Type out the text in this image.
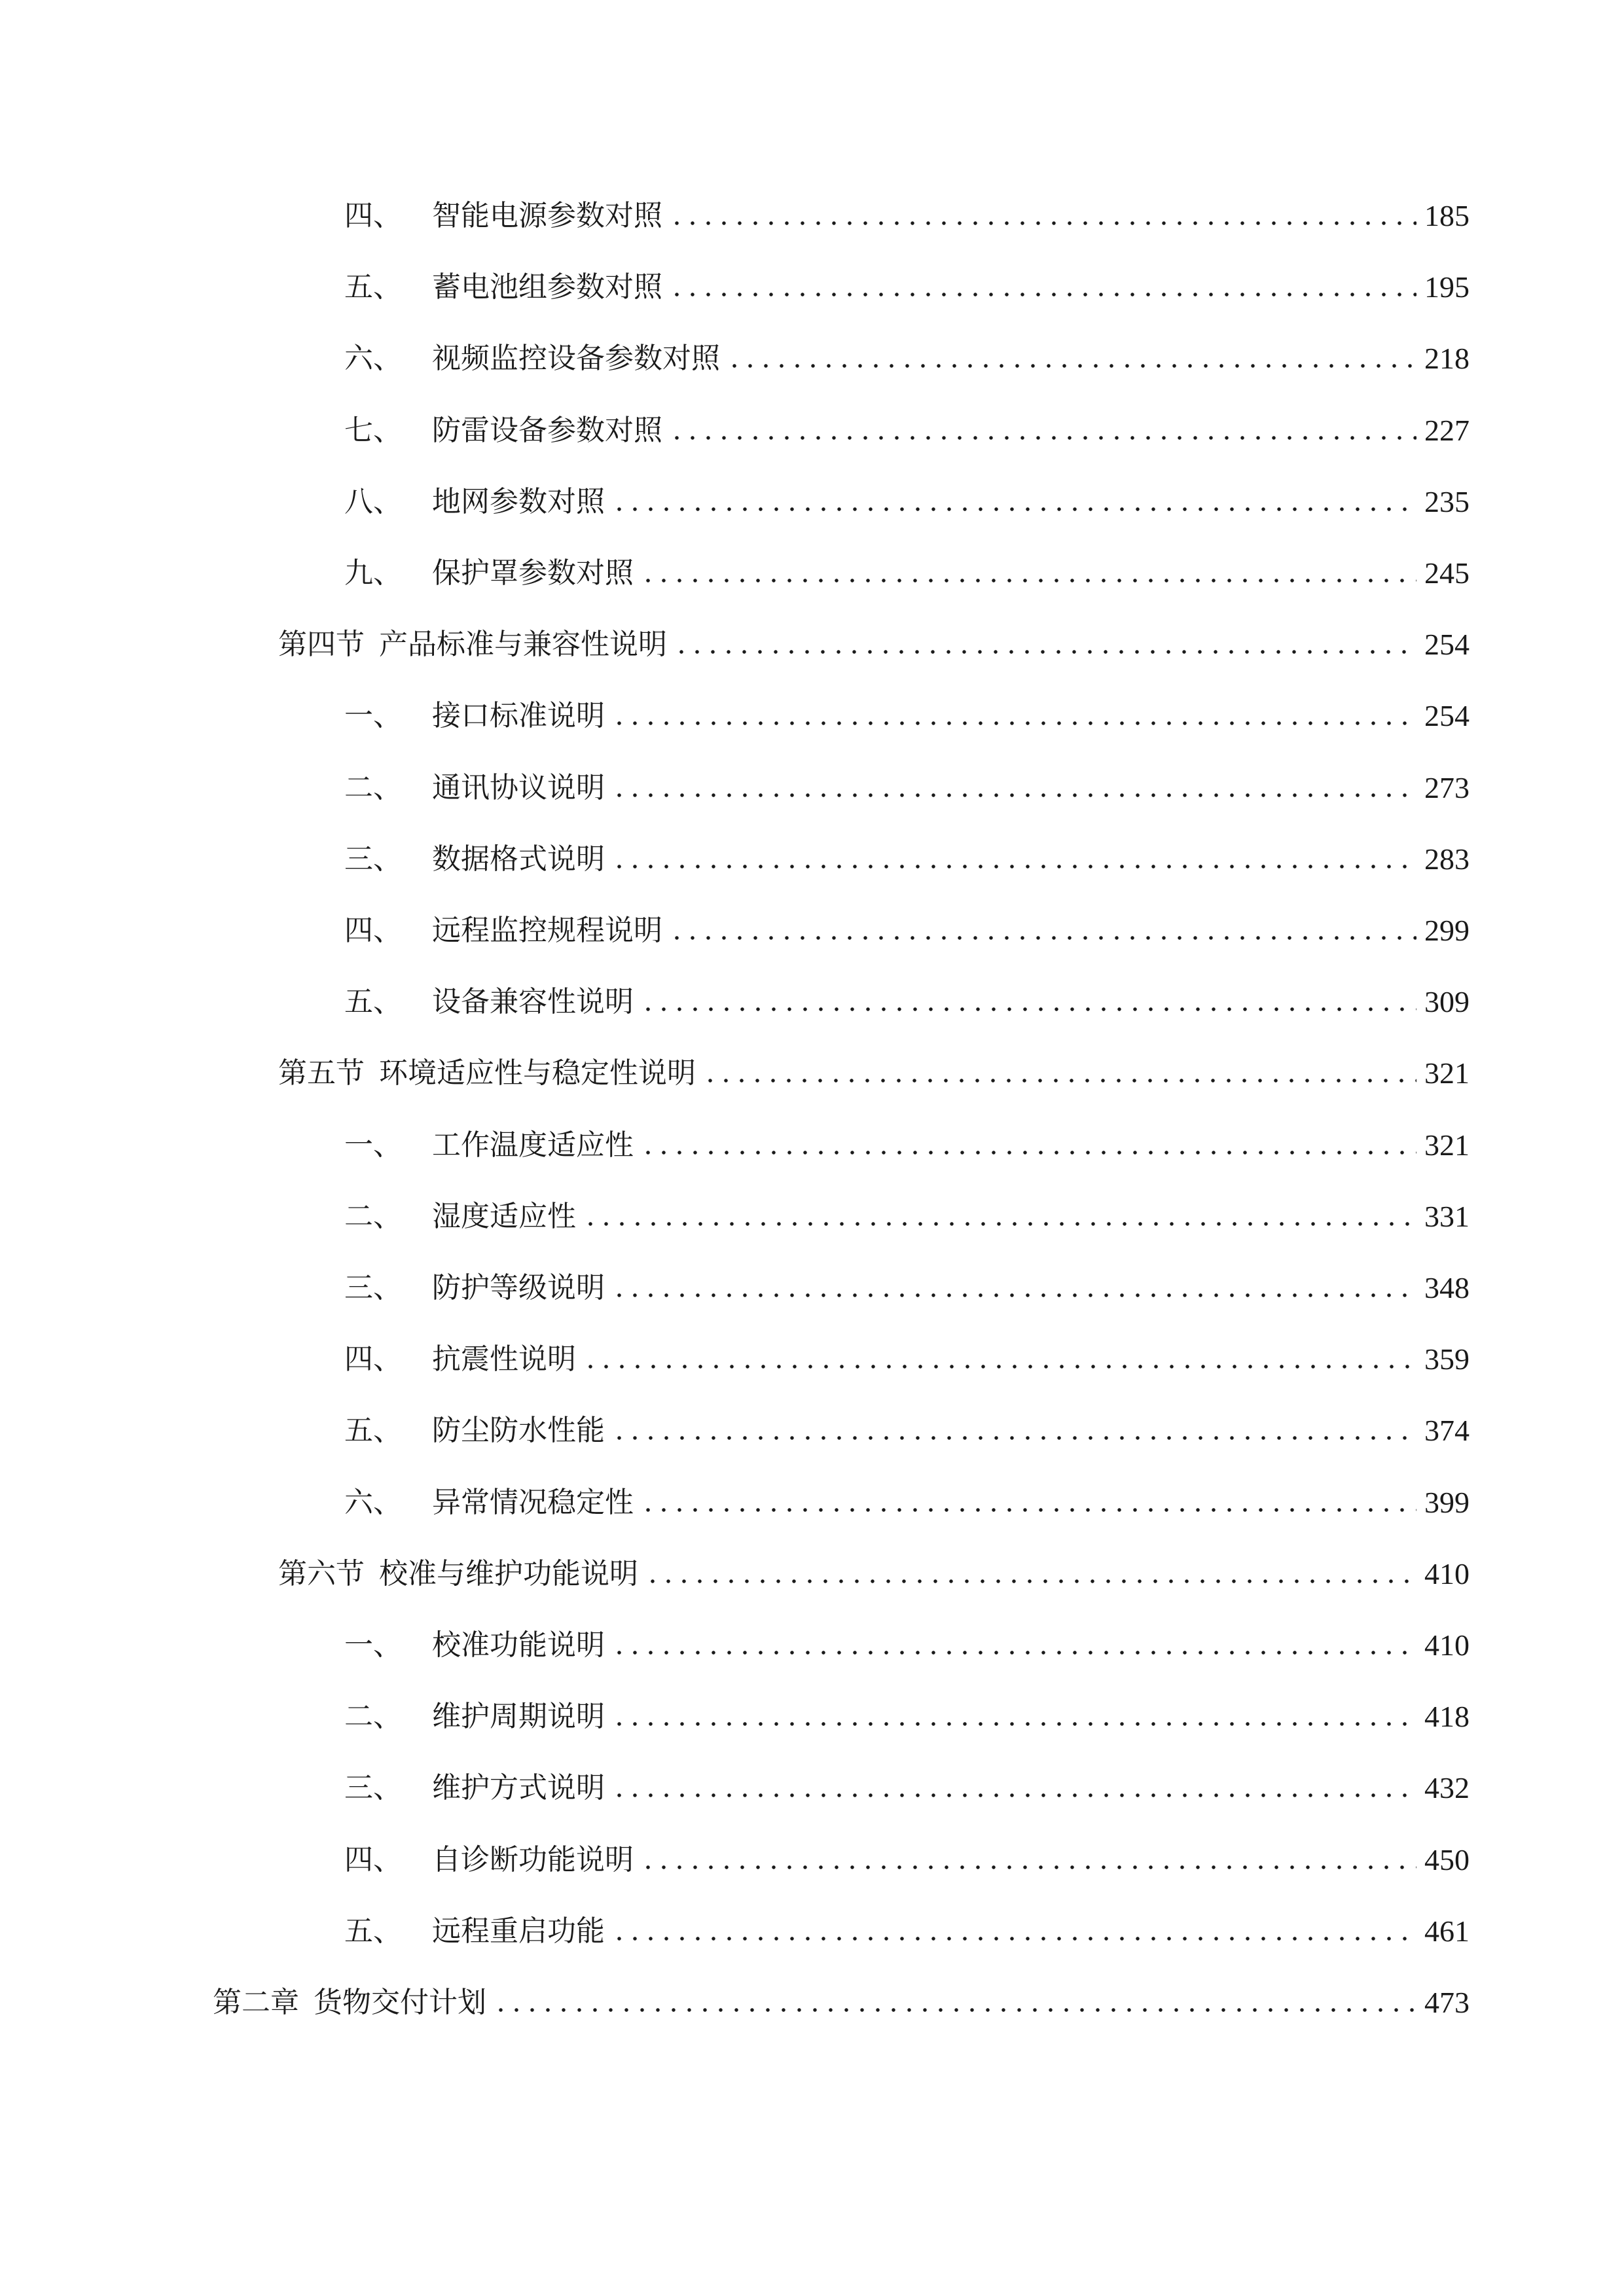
四、 智能电源参数对照	185
五、 蓄电池组参数对照	195
六、 视频监控设备参数对照	218
七、 防雷设备参数对照	227
八、 地网参数对照	235
九、 保护罩参数对照	245
第四节 产品标准与兼容性说明	254
一、 接口标准说明	254
二、 通讯协议说明	273
三、 数据格式说明	283
四、 远程监控规程说明	299
五、 设备兼容性说明	309
第五节 环境适应性与稳定性说明	321
一、 工作温度适应性	321
二、 湿度适应性	331
三、 防护等级说明	348
四、 抗震性说明	359
五、 防尘防水性能	374
六、 异常情况稳定性	399
第六节 校准与维护功能说明	410
一、 校准功能说明	410
二、 维护周期说明	418
三、 维护方式说明	432
四、 自诊断功能说明	450
五、 远程重启功能	461
第二章 货物交付计划	473
